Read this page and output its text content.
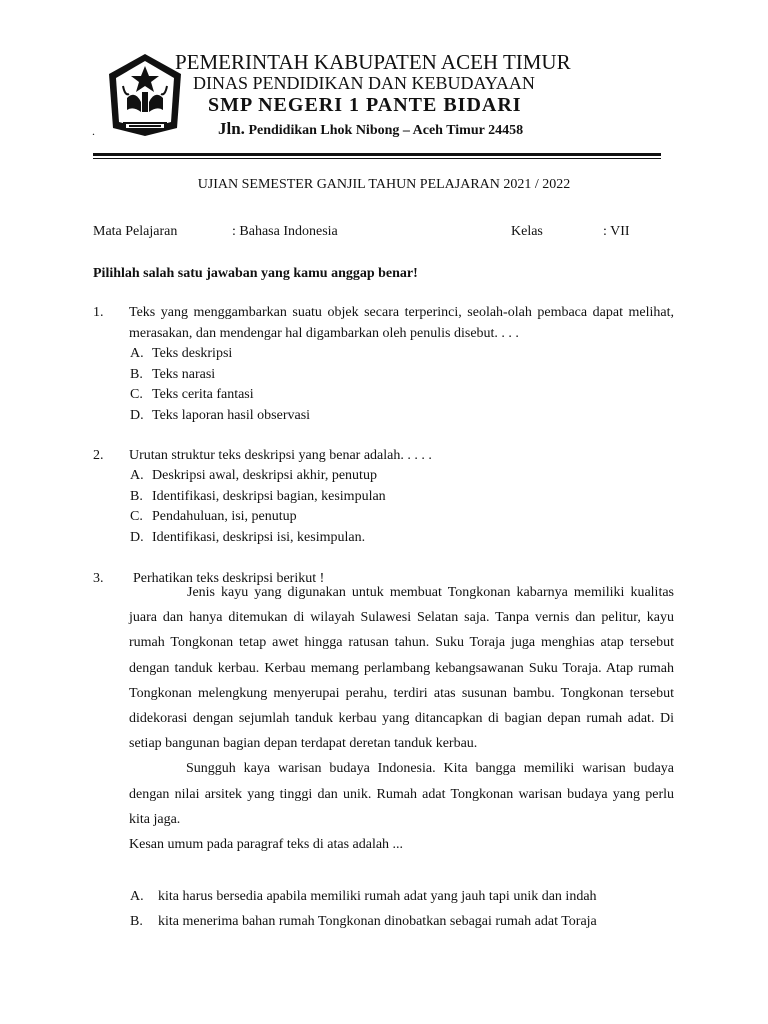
PEMERINTAH KABUPATEN ACEH TIMUR
DINAS PENDIDIKAN DAN KEBUDAYAAN
SMP NEGERI 1 PANTE BIDARI
Jln. Pendidikan Lhok Nibong – Aceh Timur 24458
.
UJIAN SEMESTER GANJIL TAHUN PELAJARAN 2021 / 2022
Mata Pelajaran	: Bahasa Indonesia	Kelas	: VII
Pilihlah salah satu jawaban yang kamu anggap benar!
1. Teks yang menggambarkan suatu objek secara terperinci, seolah-olah pembaca dapat melihat, merasakan, dan mendengar hal digambarkan oleh penulis disebut. . . .
A. Teks deskripsi
B. Teks narasi
C. Teks cerita fantasi
D. Teks laporan hasil observasi
2. Urutan struktur teks deskripsi yang benar adalah. . . . .
A. Deskripsi awal, deskripsi akhir, penutup
B. Identifikasi, deskripsi bagian, kesimpulan
C. Pendahuluan, isi, penutup
D. Identifikasi, deskripsi isi, kesimpulan.
3. Perhatikan teks deskripsi berikut !

Jenis kayu yang digunakan untuk membuat Tongkonan kabarnya memiliki kualitas juara dan hanya ditemukan di wilayah Sulawesi Selatan saja. Tanpa vernis dan pelitur, kayu rumah Tongkonan tetap awet hingga ratusan tahun. Suku Toraja juga menghias atap tersebut dengan tanduk kerbau. Kerbau memang perlambang kebangsawanan Suku Toraja. Atap rumah Tongkonan melengkung menyerupai perahu, terdiri atas susunan bambu. Tongkonan tersebut didekorasi dengan sejumlah tanduk kerbau yang ditancapkan di bagian depan rumah adat. Di setiap bangunan bagian depan terdapat deretan tanduk kerbau.

Sungguh kaya warisan budaya Indonesia. Kita bangga memiliki warisan budaya dengan nilai arsitek yang tinggi dan unik. Rumah adat Tongkonan warisan budaya yang perlu kita jaga.

Kesan umum pada paragraf teks di atas adalah ...

A. kita harus bersedia apabila memiliki rumah adat yang jauh tapi unik dan indah
B. kita menerima bahan rumah Tongkonan dinobatkan sebagai rumah adat Toraja
